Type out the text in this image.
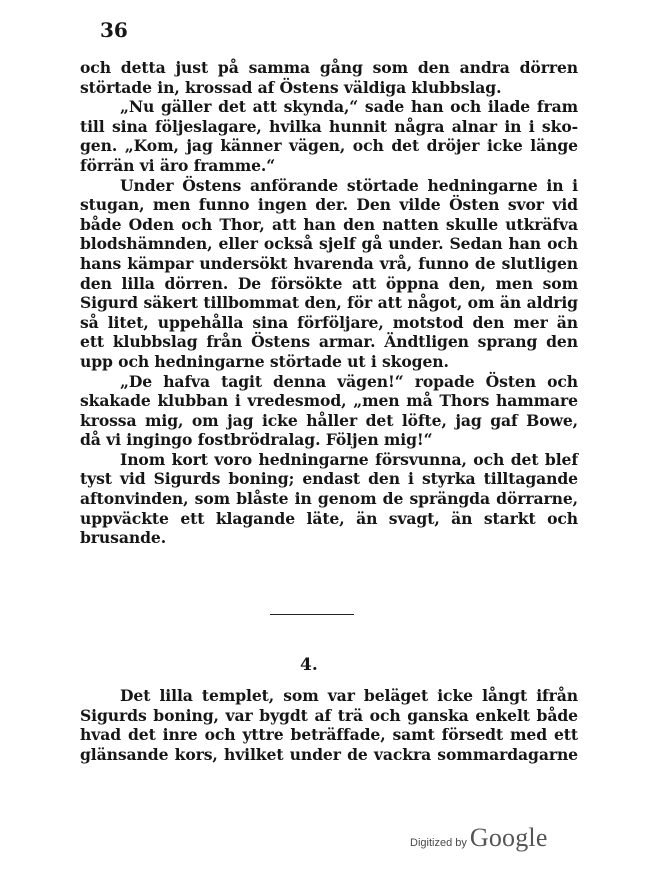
36
och detta just på samma gång som den andra dörren
störtade in, krossad af Östens väldiga klubbslag.
„Nu gäller det att skynda,“ sade han och ilade fram
till sina följeslagare, hvilka hunnit några alnar in i sko-
gen. „Kom, jag känner vägen, och det dröjer icke länge
förrän vi äro framme.“
Under Östens anförande störtade hedningarne in i
stugan, men funno ingen der. Den vilde Östen svor vid
både Oden och Thor, att han den natten skulle utkräfva
blodshämnden, eller också sjelf gå under. Sedan han och
hans kämpar undersökt hvarenda vrå, funno de slutligen
den lilla dörren. De försökte att öppna den, men som
Sigurd säkert tillbommat den, för att något, om än aldrig
så litet, uppehålla sina förföljare, motstod den mer än
ett klubbslag från Östens armar. Ändtligen sprang den
upp och hedningarne störtade ut i skogen.
„De hafva tagit denna vägen!“ ropade Östen och
skakade klubban i vredesmod, „men må Thors hammare
krossa mig, om jag icke håller det löfte, jag gaf Bowe,
då vi ingingo fostbrödralag. Följen mig!“
Inom kort voro hedningarne försvunna, och det blef
tyst vid Sigurds boning; endast den i styrka tilltagande
aftonvinden, som blåste in genom de sprängda dörrarne,
uppväckte ett klagande läte, än svagt, än starkt och
brusande.
4.
Det lilla templet, som var beläget icke långt ifrån
Sigurds boning, var bygdt af trä och ganska enkelt både
hvad det inre och yttre beträffade, samt försedt med ett
glänsande kors, hvilket under de vackra sommardagarne
Digitized by Google
